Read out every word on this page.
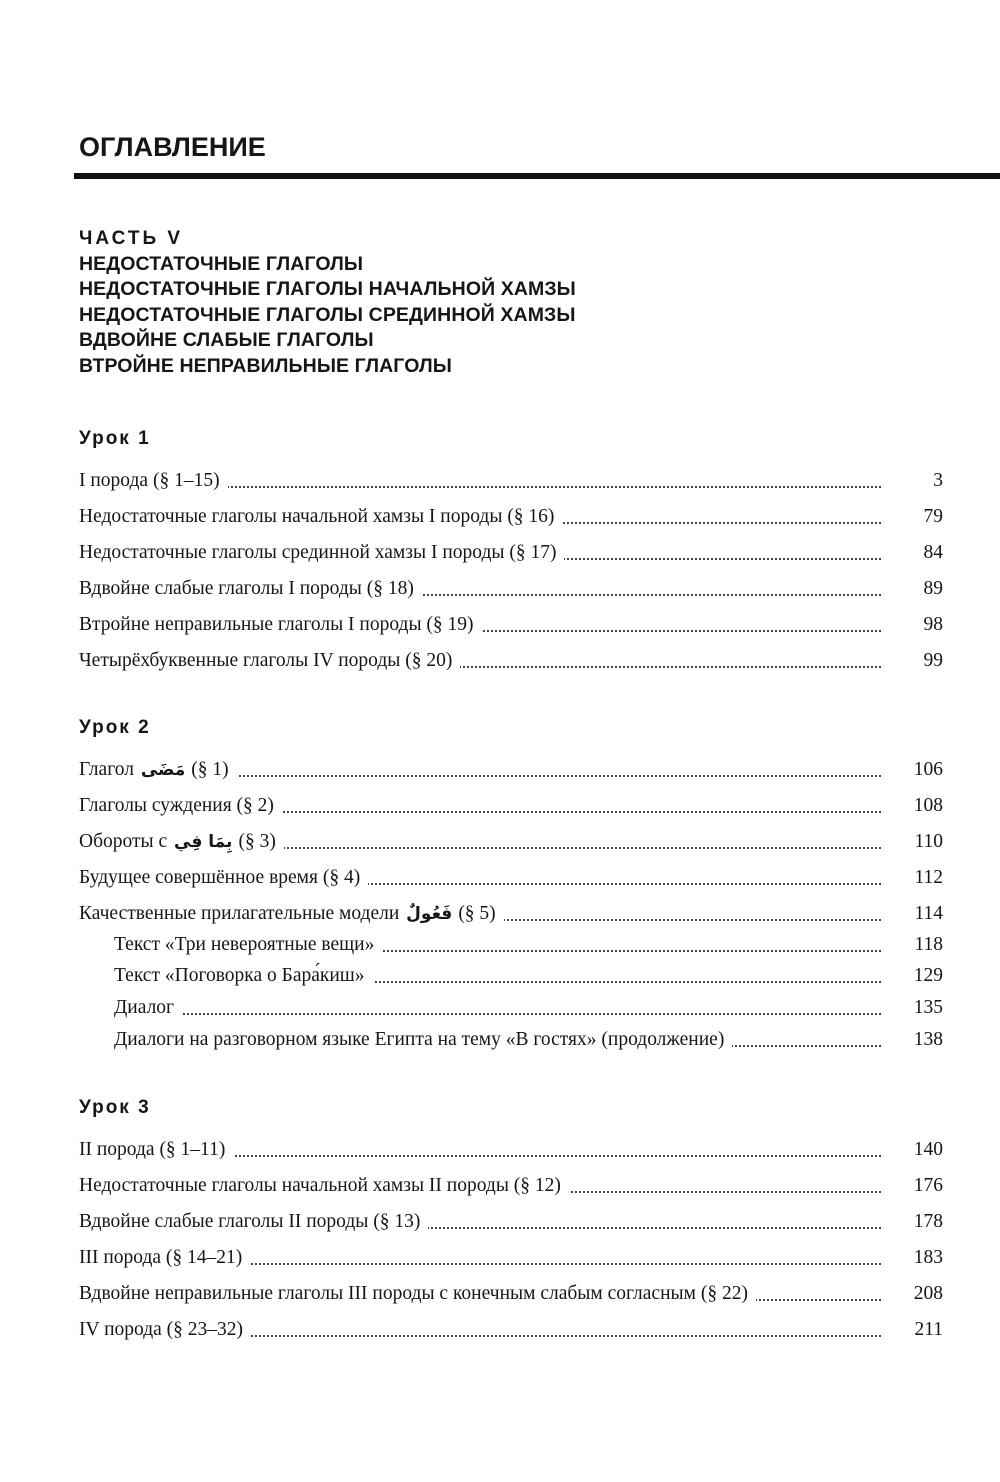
ОГЛАВЛЕНИЕ
ЧАСТЬ V
НЕДОСТАТОЧНЫЕ ГЛАГОЛЫ
НЕДОСТАТОЧНЫЕ ГЛАГОЛЫ НАЧАЛЬНОЙ ХАМЗЫ
НЕДОСТАТОЧНЫЕ ГЛАГОЛЫ СРЕДИННОЙ ХАМЗЫ
ВДВОЙНЕ СЛАБЫЕ ГЛАГОЛЫ
ВТРОЙНЕ НЕПРАВИЛЬНЫЕ ГЛАГОЛЫ
Урок 1
I порода (§ 1–15)	3
Недостаточные глаголы начальной хамзы I породы (§ 16)	79
Недостаточные глаголы срединной хамзы I породы (§ 17)	84
Вдвойне слабые глаголы I породы (§ 18)	89
Втройне неправильные глаголы I породы (§ 19)	98
Четырёхбуквенные глаголы IV породы (§ 20)	99
Урок 2
Глагол مَضَى (§ 1)	106
Глаголы суждения (§ 2)	108
Обороты с بِمَا فِي (§ 3)	110
Будущее совершённое время (§ 4)	112
Качественные прилагательные модели فَعُولٌ (§ 5)	114
Текст «Три невероятные вещи»	118
Текст «Поговорка о Бара́киш»	129
Диалог	135
Диалоги на разговорном языке Египта на тему «В гостях» (продолжение)	138
Урок 3
II порода (§ 1–11)	140
Недостаточные глаголы начальной хамзы II породы (§ 12)	176
Вдвойне слабые глаголы II породы (§ 13)	178
III порода (§ 14–21)	183
Вдвойне неправильные глаголы III породы с конечным слабым согласным (§ 22)	208
IV порода (§ 23–32)	211
